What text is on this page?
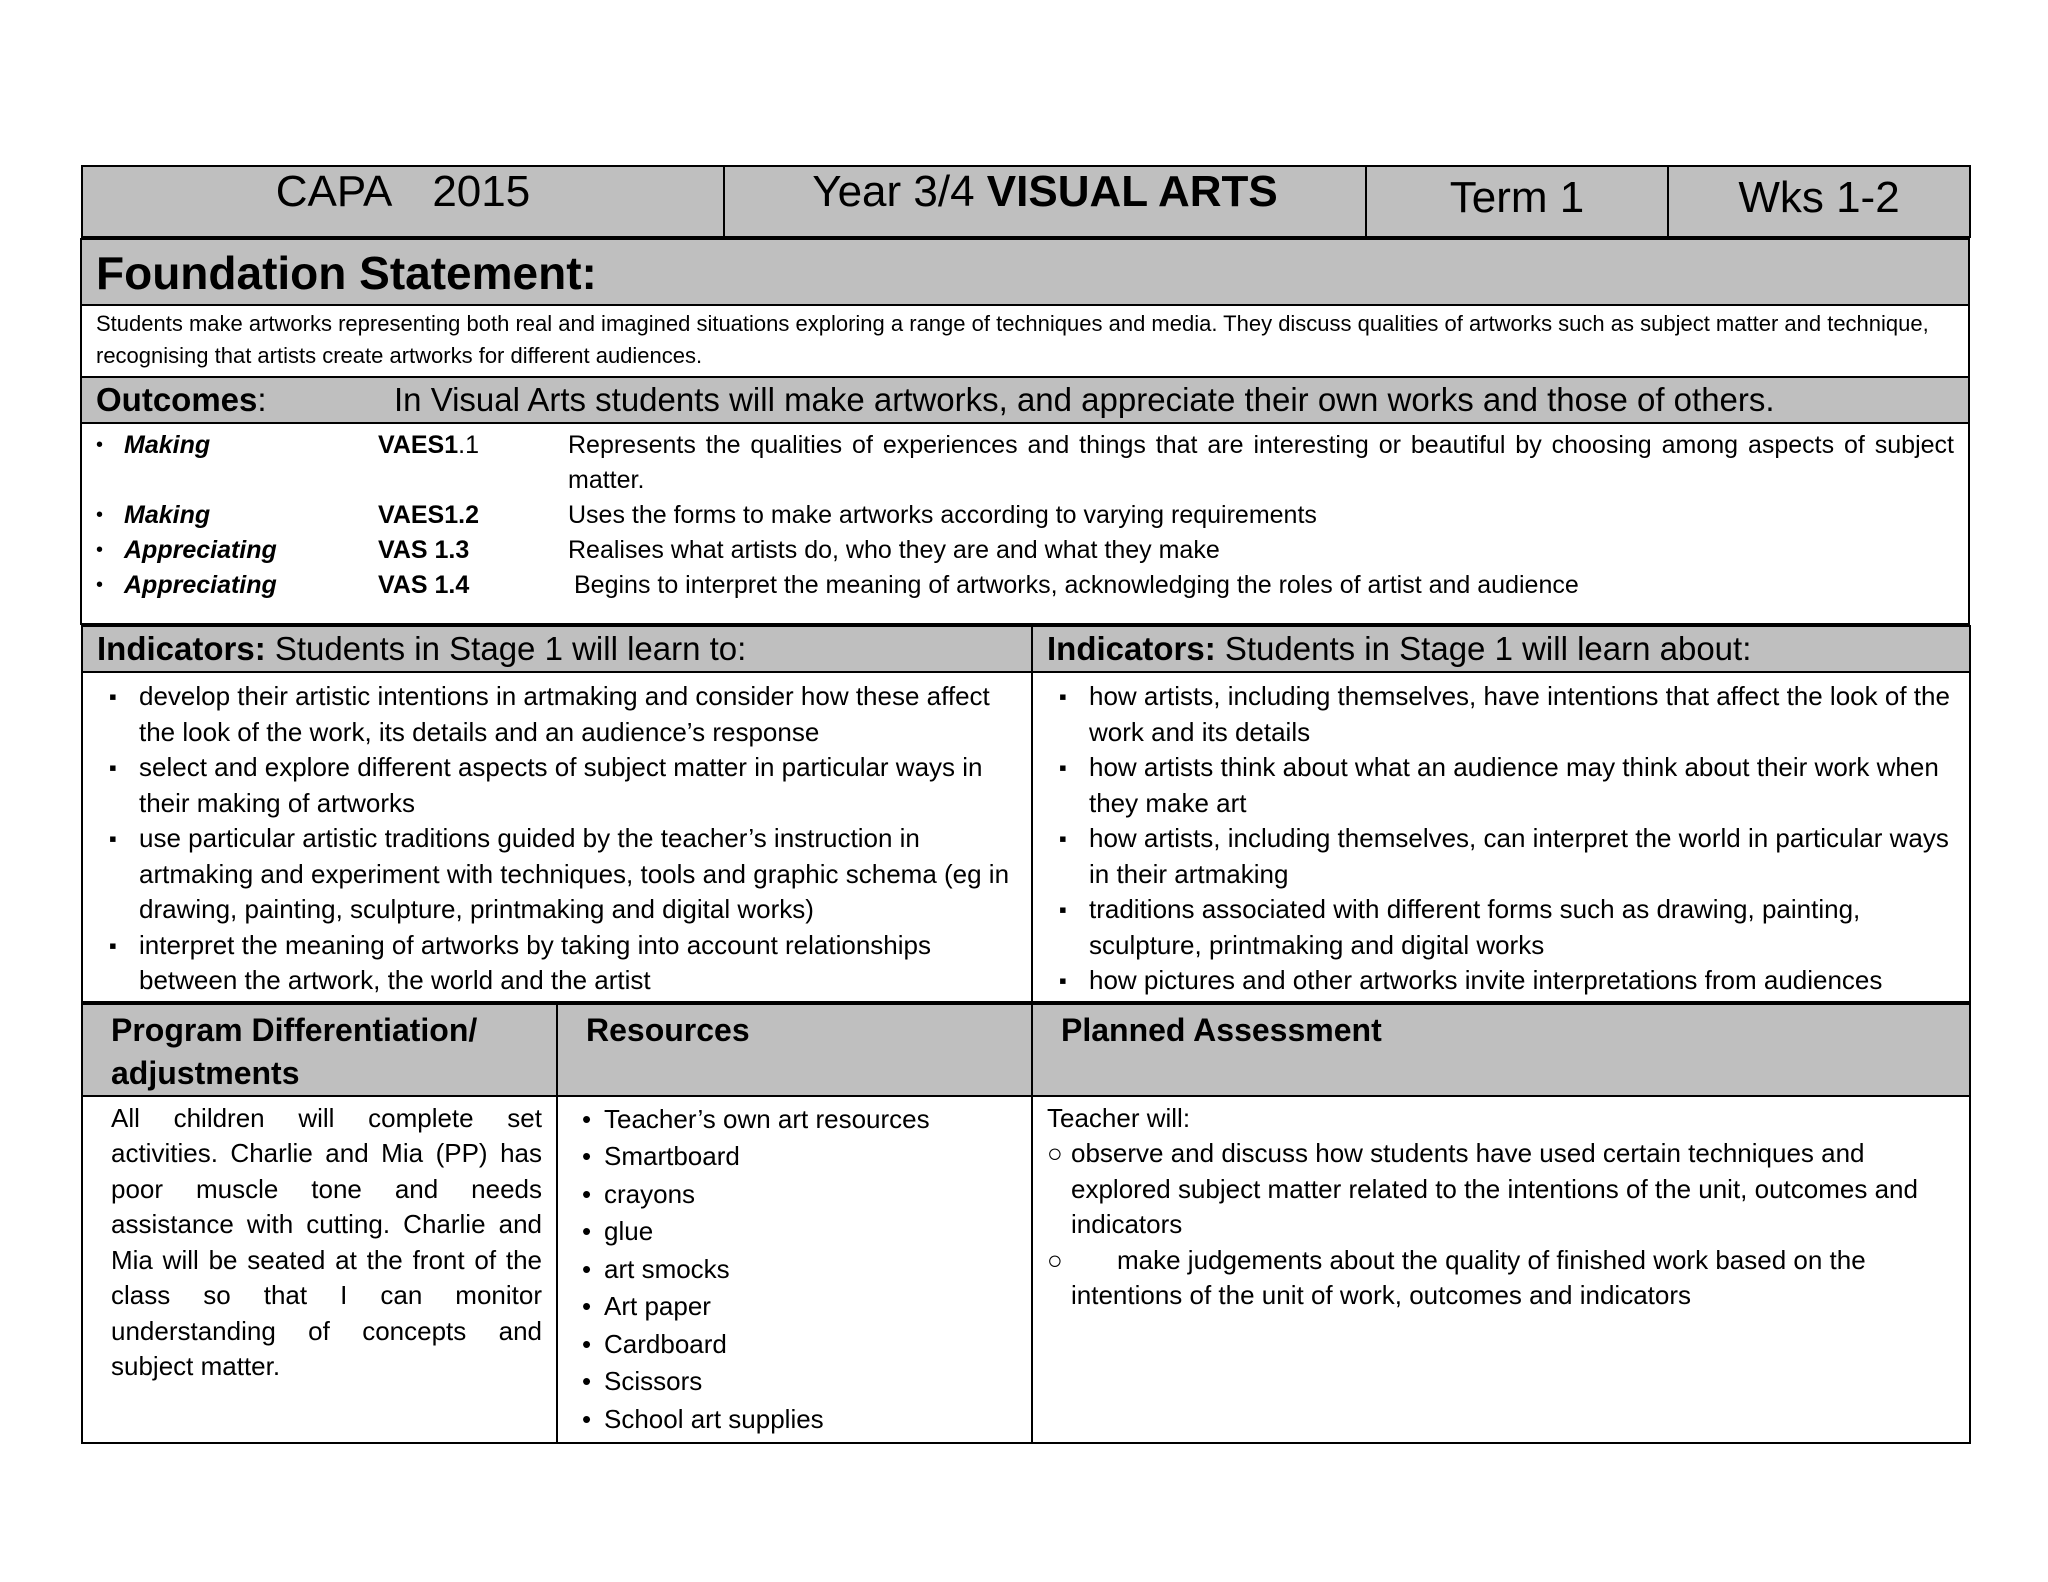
CAPA 2015	Year 3/4 VISUAL ARTS	Term 1	Wks 1-2

Foundation Statement:
Students make artworks representing both real and imagined situations exploring a range of techniques and media. They discuss qualities of artworks such as subject matter and technique, recognising that artists create artworks for different audiences.

Outcomes:	In Visual Arts students will make artworks, and appreciate their own works and those of others.

• Making	VAES1.1	Represents the qualities of experiences and things that are interesting or beautiful by choosing among aspects of subject matter.
• Making	VAES1.2	Uses the forms to make artworks according to varying requirements
• Appreciating	VAS 1.3	Realises what artists do, who they are and what they make
• Appreciating	VAS 1.4	Begins to interpret the meaning of artworks, acknowledging the roles of artist and audience

Indicators: Students in Stage 1 will learn to:	Indicators: Students in Stage 1 will learn about:

▪ develop their artistic intentions in artmaking and consider how these affect the look of the work, its details and an audience’s response
▪ select and explore different aspects of subject matter in particular ways in their making of artworks
▪ use particular artistic traditions guided by the teacher’s instruction in artmaking and experiment with techniques, tools and graphic schema (eg in drawing, painting, sculpture, printmaking and digital works)
▪ interpret the meaning of artworks by taking into account relationships between the artwork, the world and the artist

▪ how artists, including themselves, have intentions that affect the look of the work and its details
▪ how artists think about what an audience may think about their work when they make art
▪ how artists, including themselves, can interpret the world in particular ways in their artmaking
▪ traditions associated with different forms such as drawing, painting, sculpture, printmaking and digital works
▪ how pictures and other artworks invite interpretations from audiences

Program Differentiation/ adjustments	Resources	Planned Assessment
All children will complete set activities. Charlie and Mia (PP) has poor muscle tone and needs assistance with cutting. Charlie and Mia will be seated at the front of the class so that I can monitor understanding of concepts and subject matter.	
• Teacher’s own art resources
• Smartboard
• crayons
• glue
• art smocks
• Art paper
• Cardboard
• Scissors
• School art supplies

Teacher will:
○ observe and discuss how students have used certain techniques and explored subject matter related to the intentions of the unit, outcomes and indicators
○ make judgements about the quality of finished work based on the intentions of the unit of work, outcomes and indicators
